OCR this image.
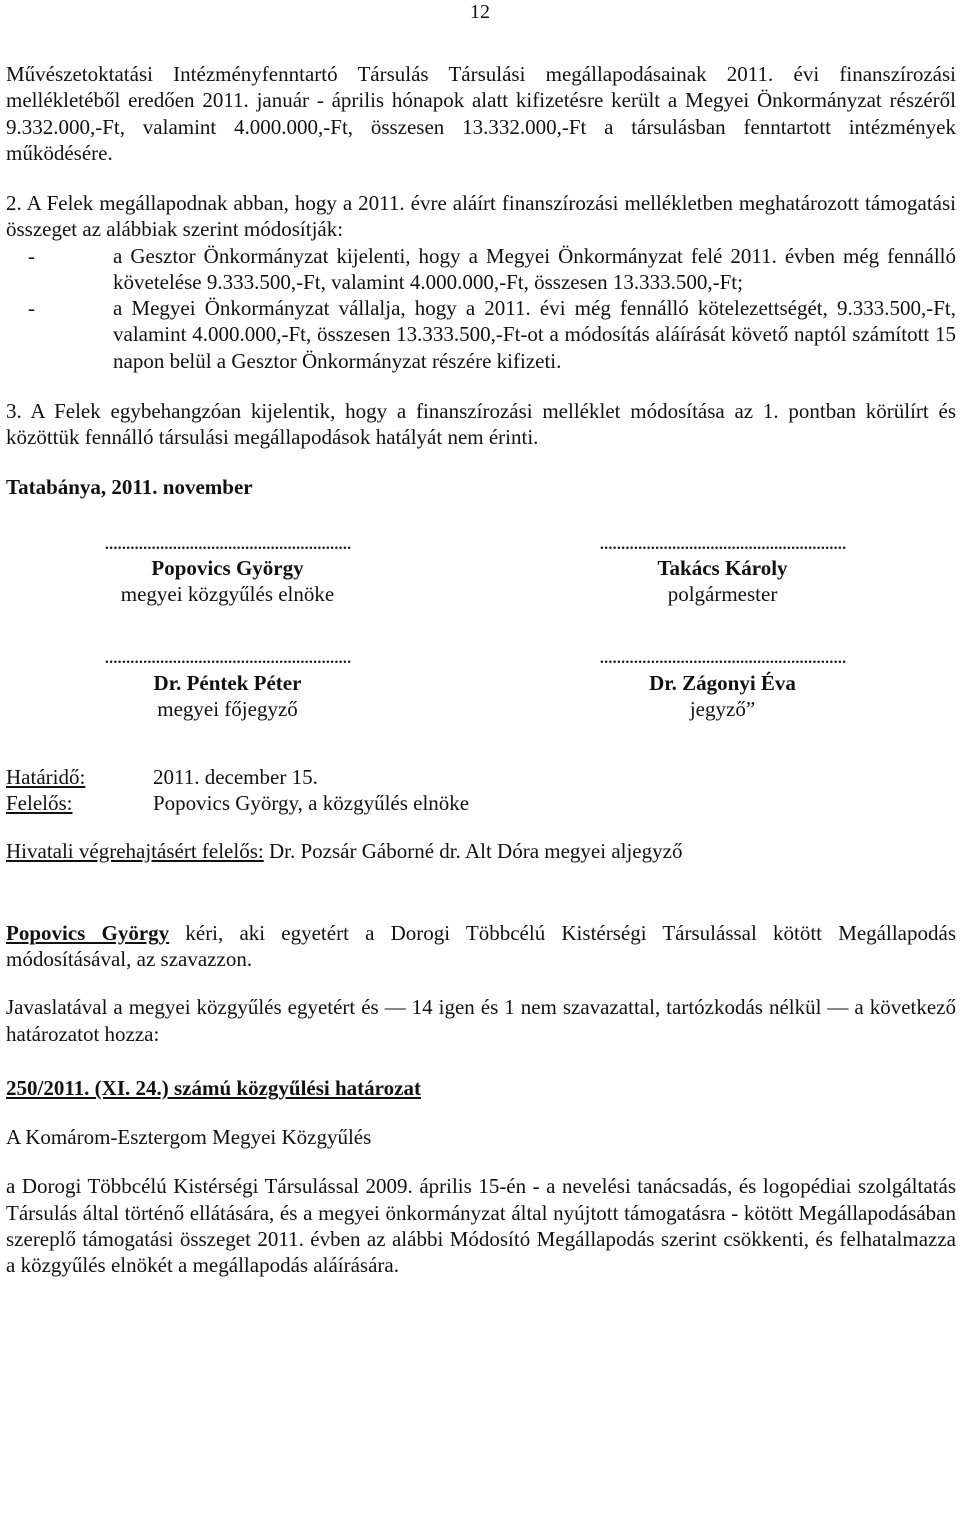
12

Művészetoktatási Intézményfenntartó Társulás Társulási megállapodásainak 2011. évi finanszírozási mellékletéből eredően 2011. január - április hónapok alatt kifizetésre került a Megyei Önkormányzat részéről 9.332.000,-Ft, valamint 4.000.000,-Ft, összesen 13.332.000,-Ft a társulásban fenntartott intézmények működésére.

2. A Felek megállapodnak abban, hogy a 2011. évre aláírt finanszírozási mellékletben meghatározott támogatási összeget az alábbiak szerint módosítják:

-	a Gesztor Önkormányzat kijelenti, hogy a Megyei Önkormányzat felé 2011. évben még fennálló követelése 9.333.500,-Ft, valamint 4.000.000,-Ft, összesen 13.333.500,-Ft;
-	a Megyei Önkormányzat vállalja, hogy a 2011. évi még fennálló kötelezettségét, 9.333.500,-Ft, valamint 4.000.000,-Ft, összesen 13.333.500,-Ft-ot a módosítás aláírását követő naptól számított 15 napon belül a Gesztor Önkormányzat részére kifizeti.

3. A Felek egybehangzóan kijelentik, hogy a finanszírozási melléklet módosítása az 1. pontban körülírt és közöttük fennálló társulási megállapodások hatályát nem érinti.

Tatabánya, 2011. november

..........................................................
Popovics György
megyei közgyűlés elnöke
..........................................................
Takács Károly
polgármester
..........................................................
Dr. Péntek Péter
megyei főjegyző
..........................................................
Dr. Zágonyi Éva
jegyző”
Határidő:	2011. december 15.
Felelős:	Popovics György, a közgyűlés elnöke

Hivatali végrehajtásért felelős: Dr. Pozsár Gáborné dr. Alt Dóra megyei aljegyző

Popovics György kéri, aki egyetért a Dorogi Többcélú Kistérségi Társulással kötött Megállapodás módosításával, az szavazzon.

Javaslatával a megyei közgyűlés egyetért és — 14 igen és 1 nem szavazattal, tartózkodás nélkül — a következő határozatot hozza:

250/2011. (XI. 24.) számú közgyűlési határozat

A Komárom-Esztergom Megyei Közgyűlés

a Dorogi Többcélú Kistérségi Társulással 2009. április 15-én - a nevelési tanácsadás, és logopédiai szolgáltatás Társulás által történő ellátására, és a megyei önkormányzat által nyújtott támogatásra - kötött Megállapodásában szereplő támogatási összeget 2011. évben az alábbi Módosító Megállapodás szerint csökkenti, és felhatalmazza a közgyűlés elnökét a megállapodás aláírására.
